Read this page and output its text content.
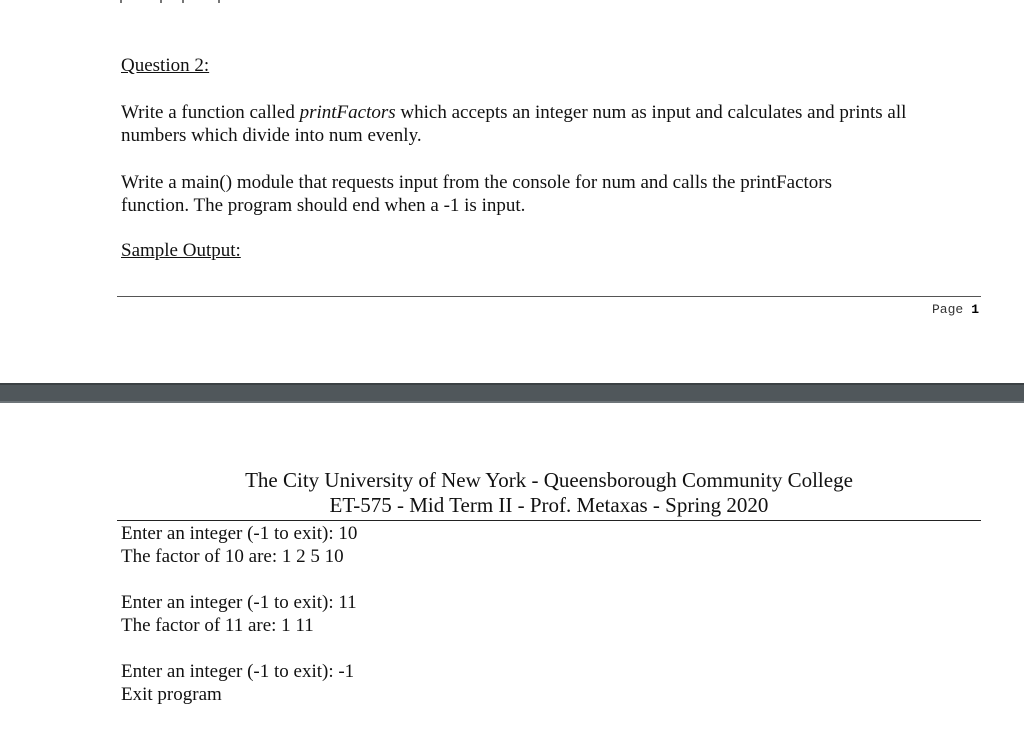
Question 2:
Write a function called printFactors which accepts an integer num as input and calculates and prints all numbers which divide into num evenly.
Write a main() module that requests input from the console for num and calls the printFactors function. The program should end when a -1 is input.
Sample Output:
Page 1
The City University of New York - Queensborough Community College
ET-575 - Mid Term II - Prof. Metaxas - Spring 2020
Enter an integer (-1 to exit): 10
The factor of 10 are: 1 2 5 10
Enter an integer (-1 to exit): 11
The factor of 11 are: 1 11
Enter an integer (-1 to exit): -1
Exit program
